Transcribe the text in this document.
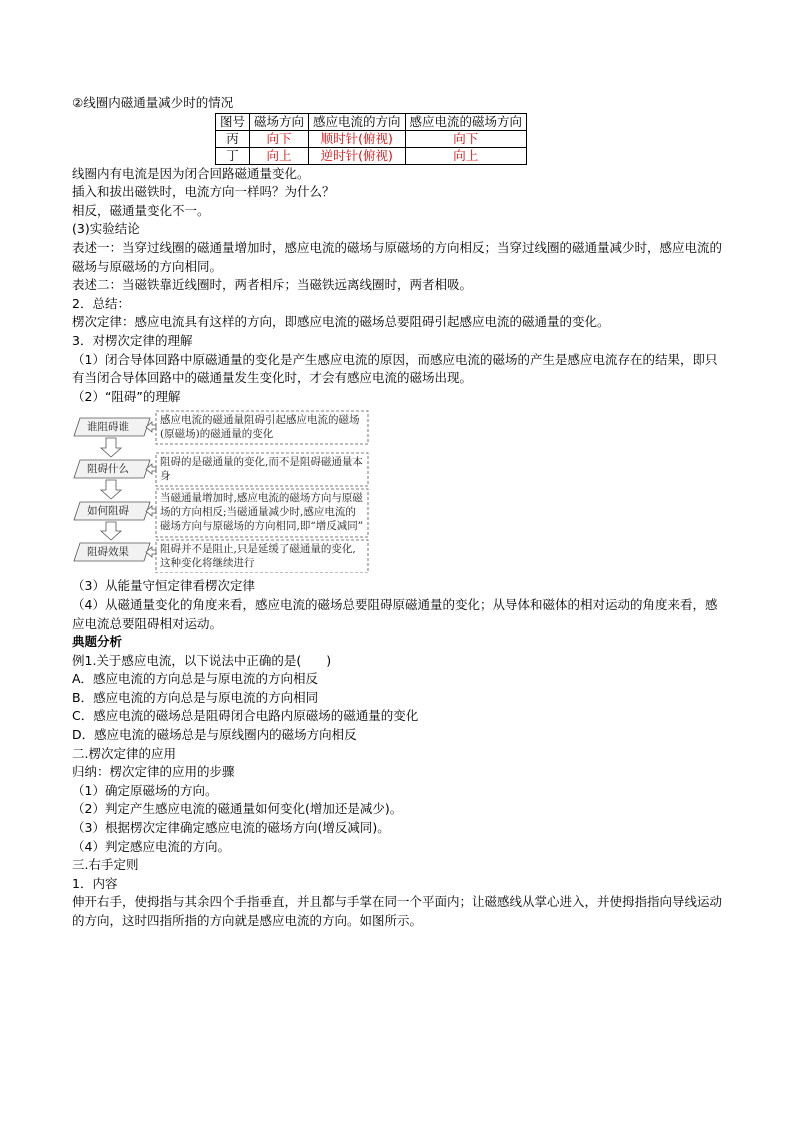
②线圈内磁通量减少时的情况
图号	磁场方向	感应电流的方向	感应电流的磁场方向
丙	向下	顺时针(俯视)	向下
丁	向上	逆时针(俯视)	向上
线圈内有电流是因为闭合回路磁通量变化。
插入和拔出磁铁时，电流方向一样吗？为什么？
相反，磁通量变化不一。
(3)实验结论
表述一：当穿过线圈的磁通量增加时，感应电流的磁场与原磁场的方向相反；当穿过线圈的磁通量减少时，感应电流的磁场与原磁场的方向相同。
表述二：当磁铁靠近线圈时，两者相斥；当磁铁远离线圈时，两者相吸。
2．总结：
楞次定律：感应电流具有这样的方向，即感应电流的磁场总要阻碍引起感应电流的磁通量的变化。
3．对楞次定律的理解
（1）闭合导体回路中原磁通量的变化是产生感应电流的原因，而感应电流的磁场的产生是感应电流存在的结果，即只有当闭合导体回路中的磁通量发生变化时，才会有感应电流的磁场出现。
（2）“阻碍”的理解
谁阻碍谁
阻碍什么
如何阻碍
阻碍效果
感应电流的磁通量阻碍引起感应电流的磁场(原磁场)的磁通量的变化
阻碍的是磁通量的变化,而不是阻碍磁通量本身
当磁通量增加时,感应电流的磁场方向与原磁场的方向相反;当磁通量减少时,感应电流的磁场方向与原磁场的方向相同,即“增反减同”
阻碍并不是阻止,只是延缓了磁通量的变化,这种变化将继续进行
（3）从能量守恒定律看楞次定律
（4）从磁通量变化的角度来看，感应电流的磁场总要阻碍原磁通量的变化；从导体和磁体的相对运动的角度来看，感应电流总要阻碍相对运动。
典题分析
例1.关于感应电流，以下说法中正确的是(　　)
A．感应电流的方向总是与原电流的方向相反
B．感应电流的方向总是与原电流的方向相同
C．感应电流的磁场总是阻碍闭合电路内原磁场的磁通量的变化
D．感应电流的磁场总是与原线圈内的磁场方向相反
二.楞次定律的应用
归纳：楞次定律的应用的步骤
（1）确定原磁场的方向。
（2）判定产生感应电流的磁通量如何变化(增加还是减少)。
（3）根据楞次定律确定感应电流的磁场方向(增反减同)。
（4）判定感应电流的方向。
三.右手定则
1．内容
伸开右手，使拇指与其余四个手指垂直，并且都与手掌在同一个平面内；让磁感线从掌心进入，并使拇指指向导线运动的方向，这时四指所指的方向就是感应电流的方向。如图所示。
